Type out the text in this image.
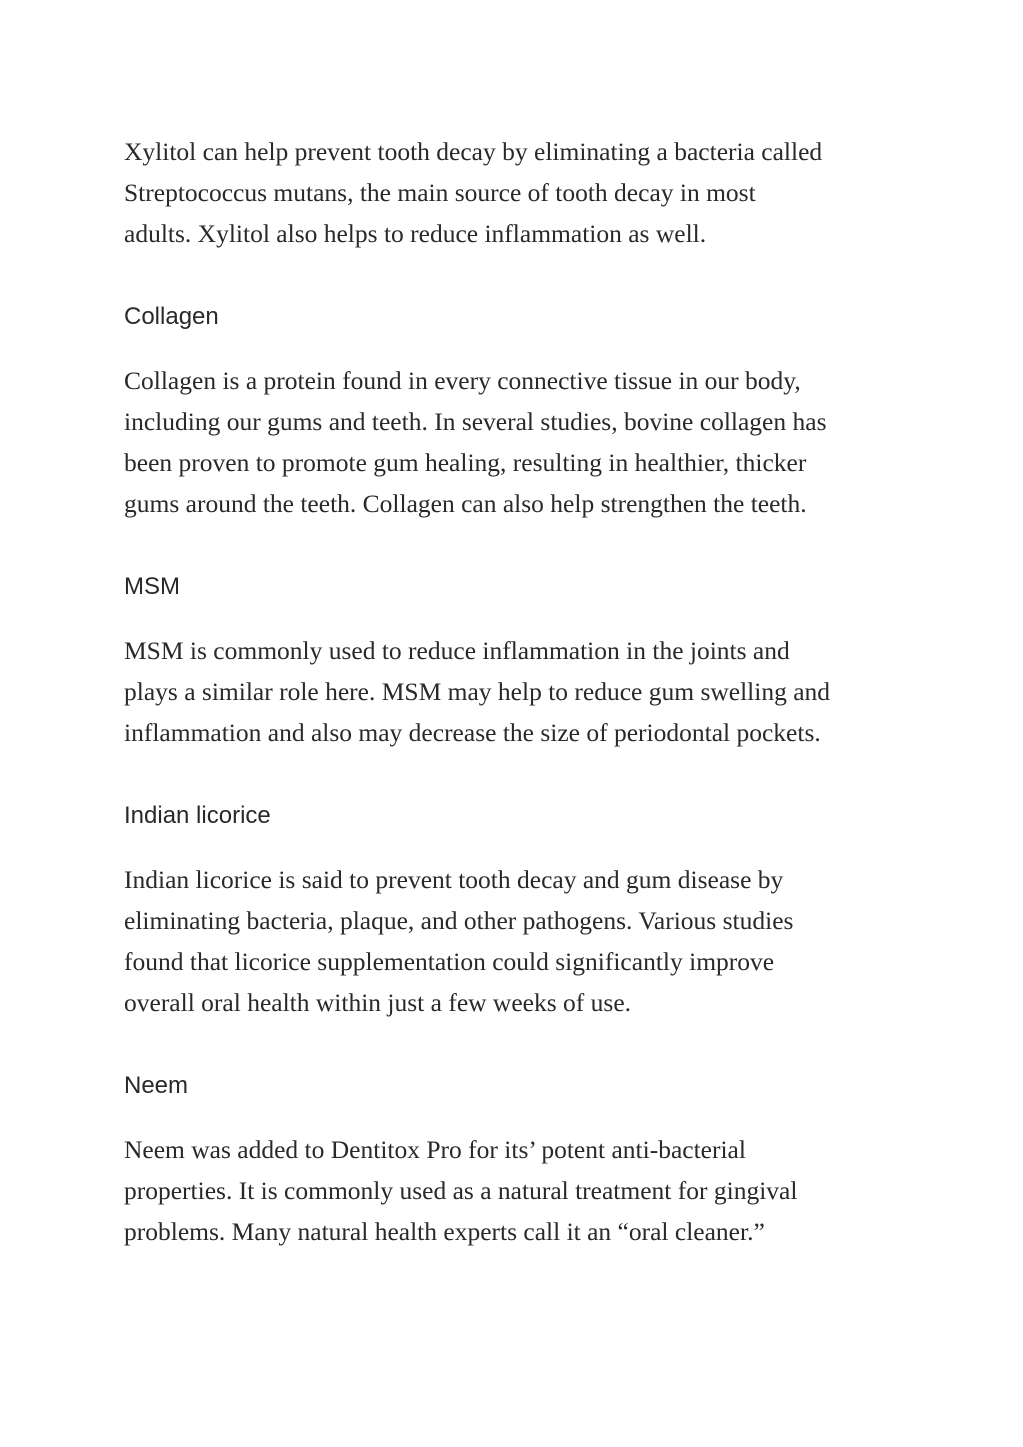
Xylitol can help prevent tooth decay by eliminating a bacteria called
Streptococcus mutans, the main source of tooth decay in most
adults. Xylitol also helps to reduce inflammation as well.

Collagen

Collagen is a protein found in every connective tissue in our body,
including our gums and teeth. In several studies, bovine collagen has
been proven to promote gum healing, resulting in healthier, thicker
gums around the teeth. Collagen can also help strengthen the teeth.

MSM

MSM is commonly used to reduce inflammation in the joints and
plays a similar role here. MSM may help to reduce gum swelling and
inflammation and also may decrease the size of periodontal pockets.

Indian licorice

Indian licorice is said to prevent tooth decay and gum disease by
eliminating bacteria, plaque, and other pathogens. Various studies
found that licorice supplementation could significantly improve
overall oral health within just a few weeks of use.

Neem

Neem was added to Dentitox Pro for its’ potent anti-bacterial
properties. It is commonly used as a natural treatment for gingival
problems. Many natural health experts call it an “oral cleaner.”
